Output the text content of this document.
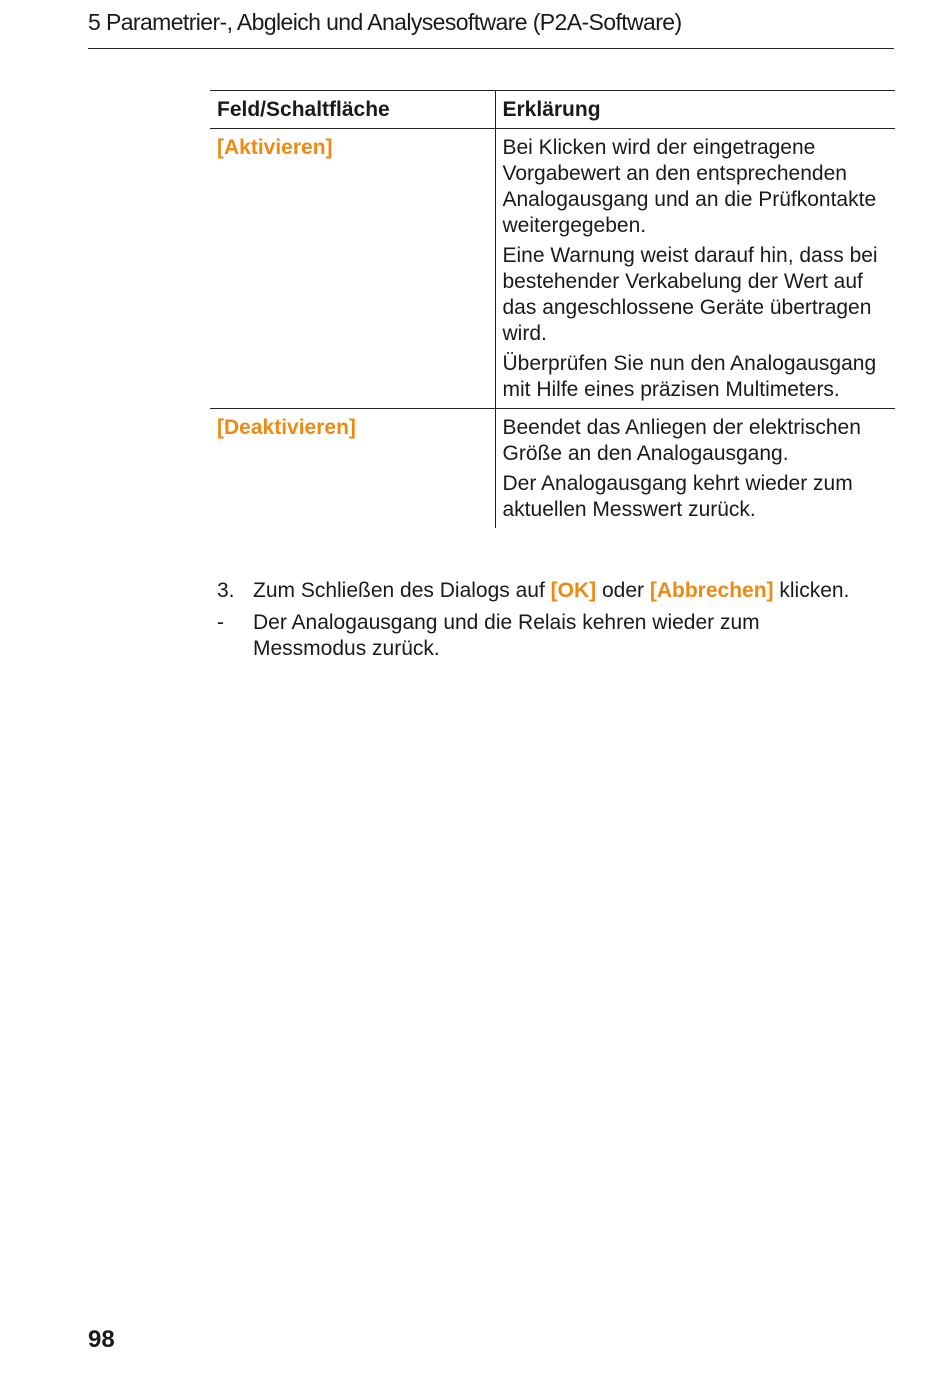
5 Parametrier-, Abgleich und Analysesoftware (P2A-Software)
Feld/Schaltfläche	Erklärung
[Aktivieren]	Bei Klicken wird der eingetragene Vorgabewert an den entsprechenden Analogausgang und an die Prüfkontakte weitergegeben.

Eine Warnung weist darauf hin, dass bei bestehender Verkabelung der Wert auf das angeschlossene Geräte übertragen wird.

Überprüfen Sie nun den Analogausgang mit Hilfe eines präzisen Multimeters.

[Deaktivieren]	Beendet das Anliegen der elektrischen Größe an den Analogausgang.

Der Analogausgang kehrt wieder zum aktuellen Messwert zurück.

3. Zum Schließen des Dialogs auf [OK] oder [Abbrechen] klicken.
-	Der Analogausgang und die Relais kehren wieder zum Messmodus zurück.
98
